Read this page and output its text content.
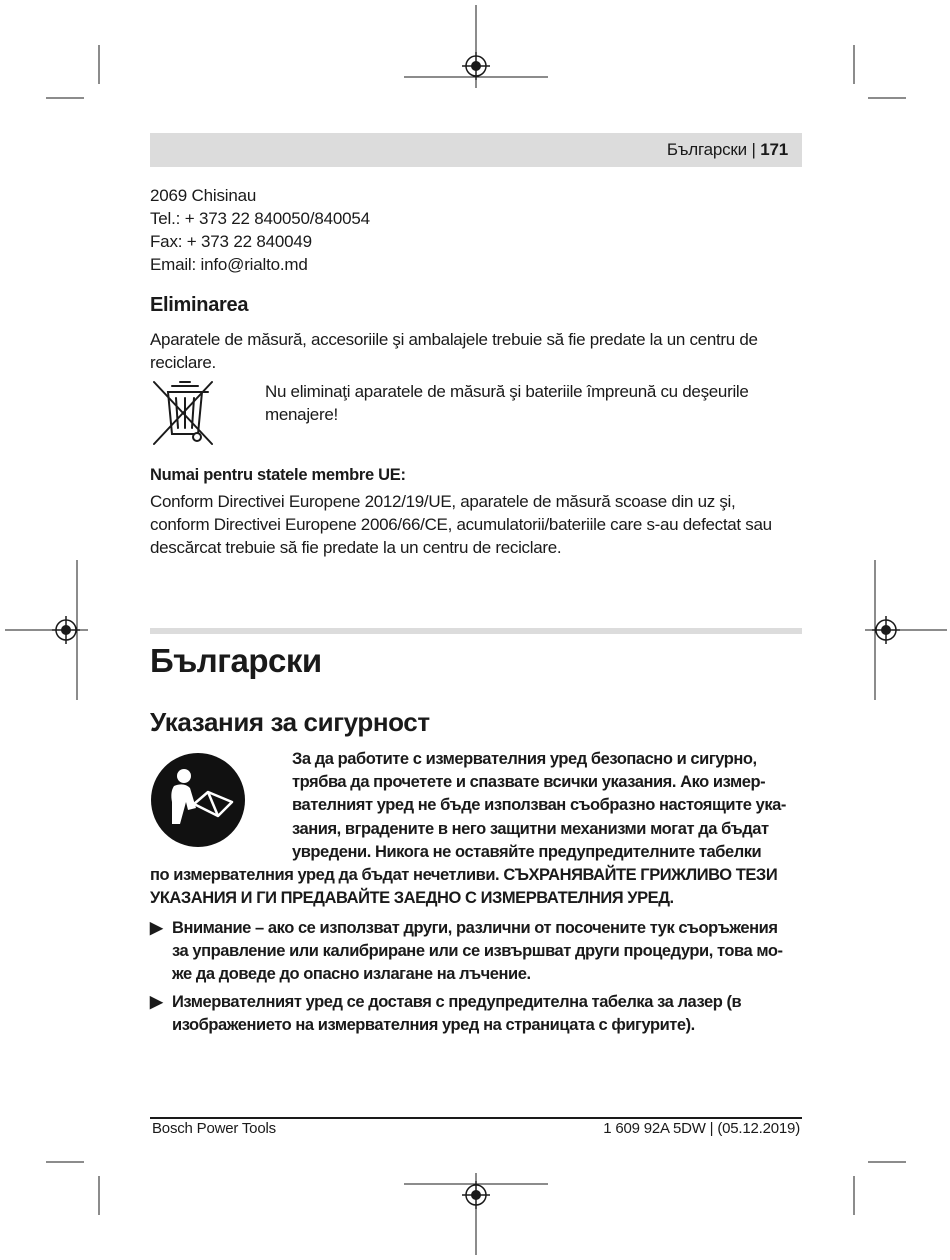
Български | 171
2069 Chisinau
Tel.: + 373 22 840050/840054
Fax: + 373 22 840049
Email: info@rialto.md
Eliminarea
Aparatele de măsură, accesoriile şi ambalajele trebuie să fie predate la un centru de
reciclare.
Nu eliminaţi aparatele de măsură şi bateriile împreună cu deşeurile
menajere!
Numai pentru statele membre UE:
Conform Directivei Europene 2012/19/UE, aparatele de măsură scoase din uz şi,
conform Directivei Europene 2006/66/CE, acumulatorii/bateriile care s-au defectat sau
descărcat trebuie să fie predate la un centru de reciclare.
Български
Указания за сигурност
За да работите с измервателния уред безопасно и сигурно,
трябва да прочетете и спазвате всички указания. Ако измер-
вателният уред не бъде използван съобразно настоящите ука-
зания, вградените в него защитни механизми могат да бъдат
увредени. Никога не оставяйте предупредителните табелки
по измервателния уред да бъдат нечетливи. СЪХРАНЯВАЙТЕ ГРИЖЛИВО ТЕЗИ
УКАЗАНИЯ И ГИ ПРЕДАВАЙТЕ ЗАЕДНО С ИЗМЕРВАТЕЛНИЯ УРЕД.
▶ Внимание – ако се използват други, различни от посочените тук съоръжения
за управление или калибриране или се извършват други процедури, това мо-
же да доведе до опасно излагане на лъчение.
▶ Измервателният уред се доставя с предупредителна табелка за лазер (в
изображението на измервателния уред на страницата с фигурите).
Bosch Power Tools	1 609 92A 5DW | (05.12.2019)
